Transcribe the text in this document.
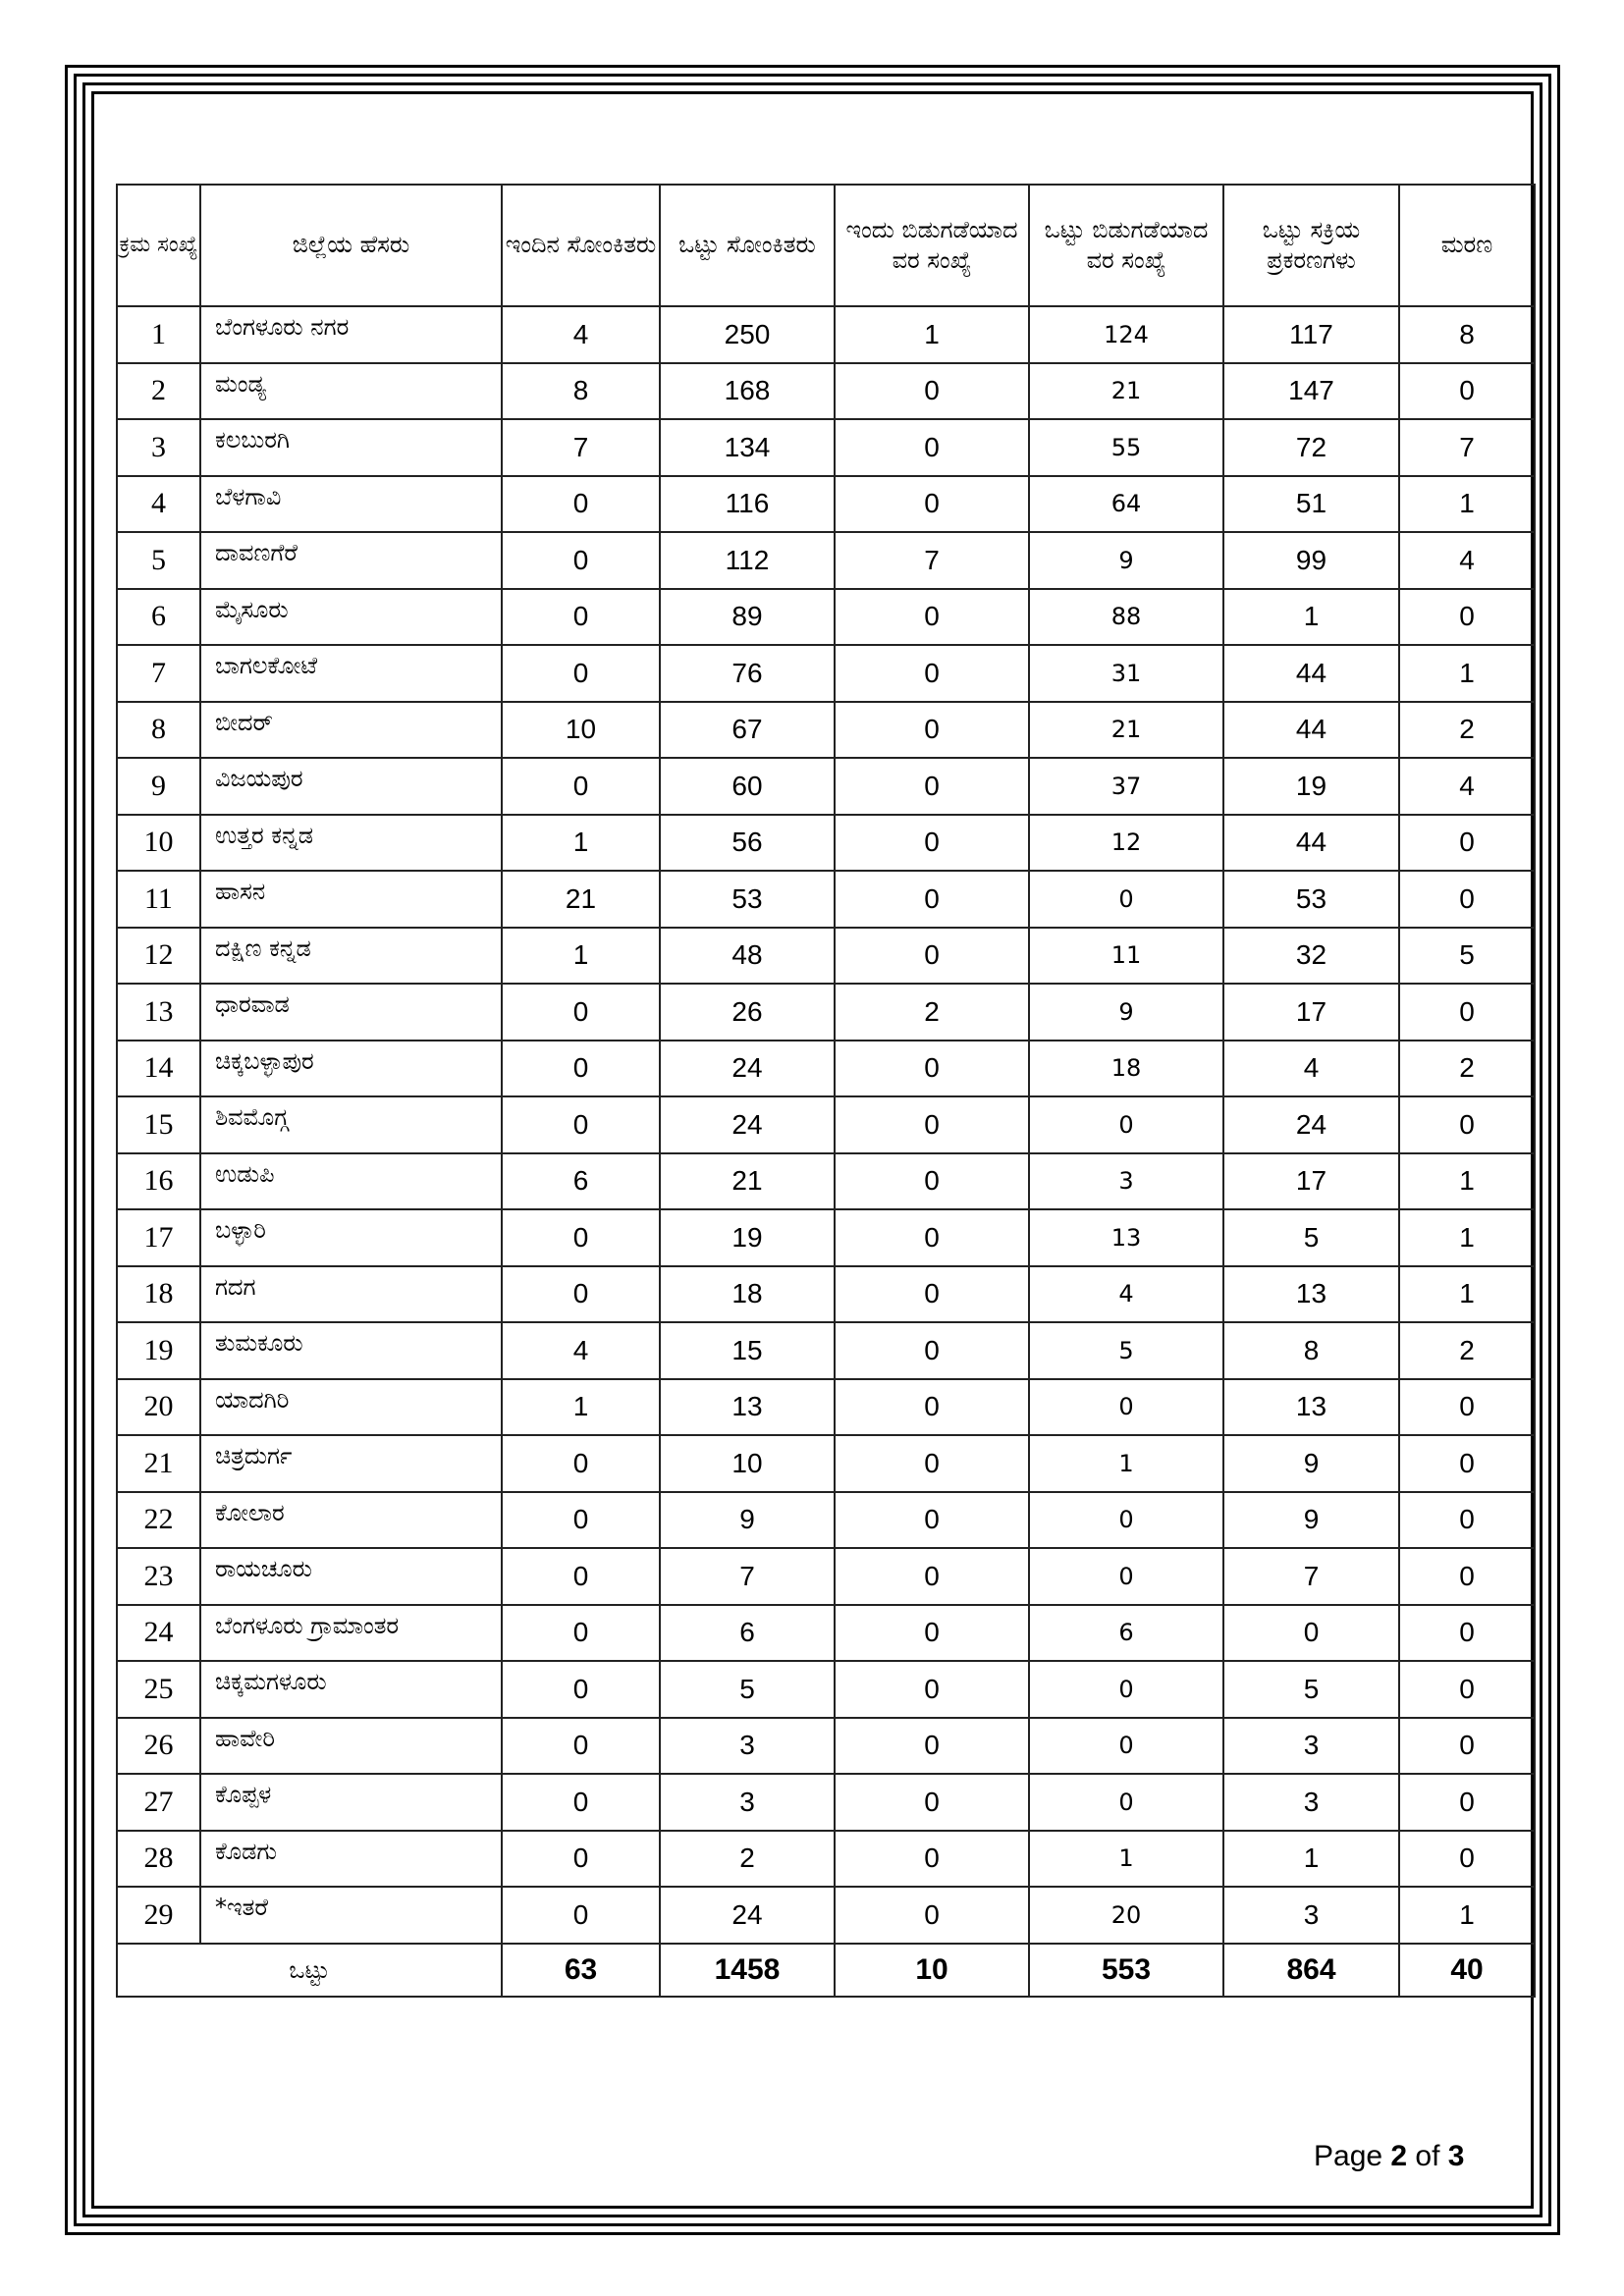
ಕ್ರಮ ಸಂಖ್ಯೆ	ಜಿಲ್ಲೆಯ ಹೆಸರು	ಇಂದಿನ ಸೋಂಕಿತರು	ಒಟ್ಟು ಸೋಂಕಿತರು	ಇಂದು ಬಿಡುಗಡೆಯಾದ ವರ ಸಂಖ್ಯೆ	ಒಟ್ಟು ಬಿಡುಗಡೆಯಾದ ವರ ಸಂಖ್ಯೆ	ಒಟ್ಟು ಸಕ್ರಿಯ ಪ್ರಕರಣಗಳು	ಮರಣ
1	ಬೆಂಗಳೂರು ನಗರ	4	250	1	124	117	8
2	ಮಂಡ್ಯ	8	168	0	21	147	0
3	ಕಲಬುರಗಿ	7	134	0	55	72	7
4	ಬೆಳಗಾವಿ	0	116	0	64	51	1
5	ದಾವಣಗೆರೆ	0	112	7	9	99	4
6	ಮೈಸೂರು	0	89	0	88	1	0
7	ಬಾಗಲಕೋಟೆ	0	76	0	31	44	1
8	ಬೀದರ್	10	67	0	21	44	2
9	ವಿಜಯಪುರ	0	60	0	37	19	4
10	ಉತ್ತರ ಕನ್ನಡ	1	56	0	12	44	0
11	ಹಾಸನ	21	53	0	0	53	0
12	ದಕ್ಷಿಣ ಕನ್ನಡ	1	48	0	11	32	5
13	ಧಾರವಾಡ	0	26	2	9	17	0
14	ಚಿಕ್ಕಬಳ್ಳಾಪುರ	0	24	0	18	4	2
15	ಶಿವಮೊಗ್ಗ	0	24	0	0	24	0
16	ಉಡುಪಿ	6	21	0	3	17	1
17	ಬಳ್ಳಾರಿ	0	19	0	13	5	1
18	ಗದಗ	0	18	0	4	13	1
19	ತುಮಕೂರು	4	15	0	5	8	2
20	ಯಾದಗಿರಿ	1	13	0	0	13	0
21	ಚಿತ್ರದುರ್ಗ	0	10	0	1	9	0
22	ಕೋಲಾರ	0	9	0	0	9	0
23	ರಾಯಚೂರು	0	7	0	0	7	0
24	ಬೆಂಗಳೂರು ಗ್ರಾಮಾಂತರ	0	6	0	6	0	0
25	ಚಿಕ್ಕಮಗಳೂರು	0	5	0	0	5	0
26	ಹಾವೇರಿ	0	3	0	0	3	0
27	ಕೊಪ್ಪಳ	0	3	0	0	3	0
28	ಕೊಡಗು	0	2	0	1	1	0
29	*ಇತರೆ	0	24	0	20	3	1
ಒಟ್ಟು		63	1458	10	553	864	40
Page 2 of 3
